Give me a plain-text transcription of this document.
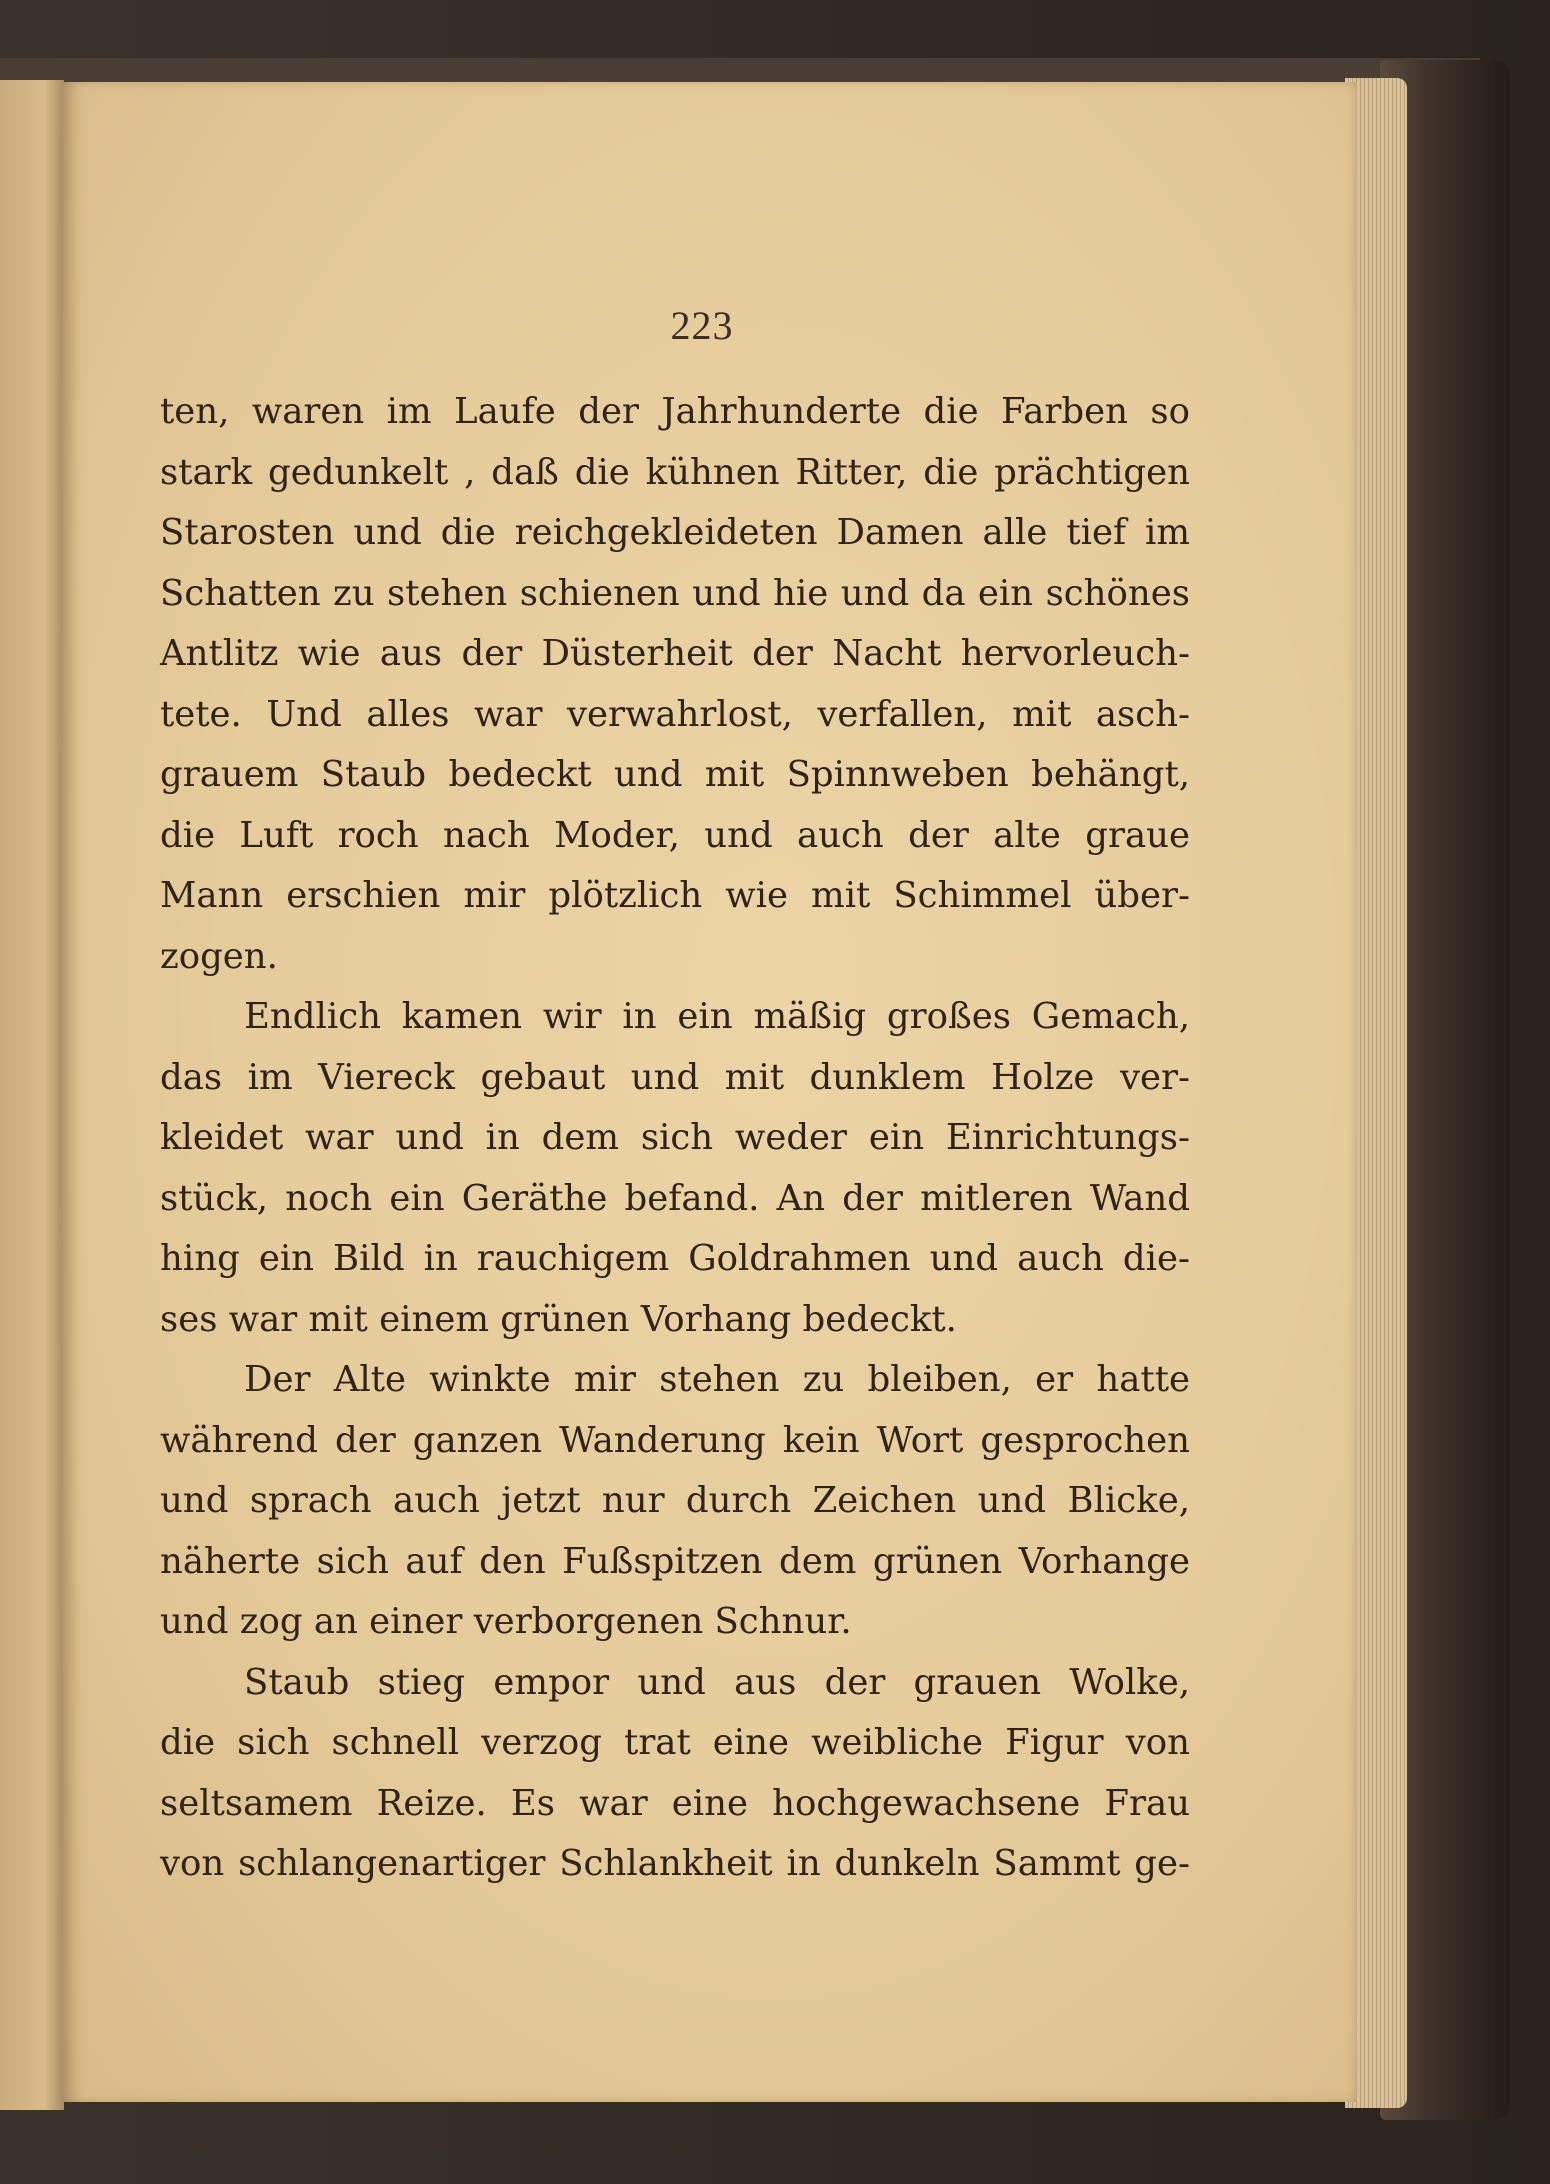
223
ten, waren im Laufe der Jahrhunderte die Farben so
stark gedunkelt , daß die kühnen Ritter, die prächtigen
Starosten und die reichgekleideten Damen alle tief im
Schatten zu stehen schienen und hie und da ein schönes
Antlitz wie aus der Düsterheit der Nacht hervorleuch-
tete. Und alles war verwahrlost, verfallen, mit asch-
grauem Staub bedeckt und mit Spinnweben behängt,
die Luft roch nach Moder, und auch der alte graue
Mann erschien mir plötzlich wie mit Schimmel über-
zogen.
Endlich kamen wir in ein mäßig großes Gemach,
das im Viereck gebaut und mit dunklem Holze ver-
kleidet war und in dem sich weder ein Einrichtungs-
stück, noch ein Geräthe befand. An der mitleren Wand
hing ein Bild in rauchigem Goldrahmen und auch die-
ses war mit einem grünen Vorhang bedeckt.
Der Alte winkte mir stehen zu bleiben, er hatte
während der ganzen Wanderung kein Wort gesprochen
und sprach auch jetzt nur durch Zeichen und Blicke,
näherte sich auf den Fußspitzen dem grünen Vorhange
und zog an einer verborgenen Schnur.
Staub stieg empor und aus der grauen Wolke,
die sich schnell verzog trat eine weibliche Figur von
seltsamem Reize. Es war eine hochgewachsene Frau
von schlangenartiger Schlankheit in dunkeln Sammt ge-
